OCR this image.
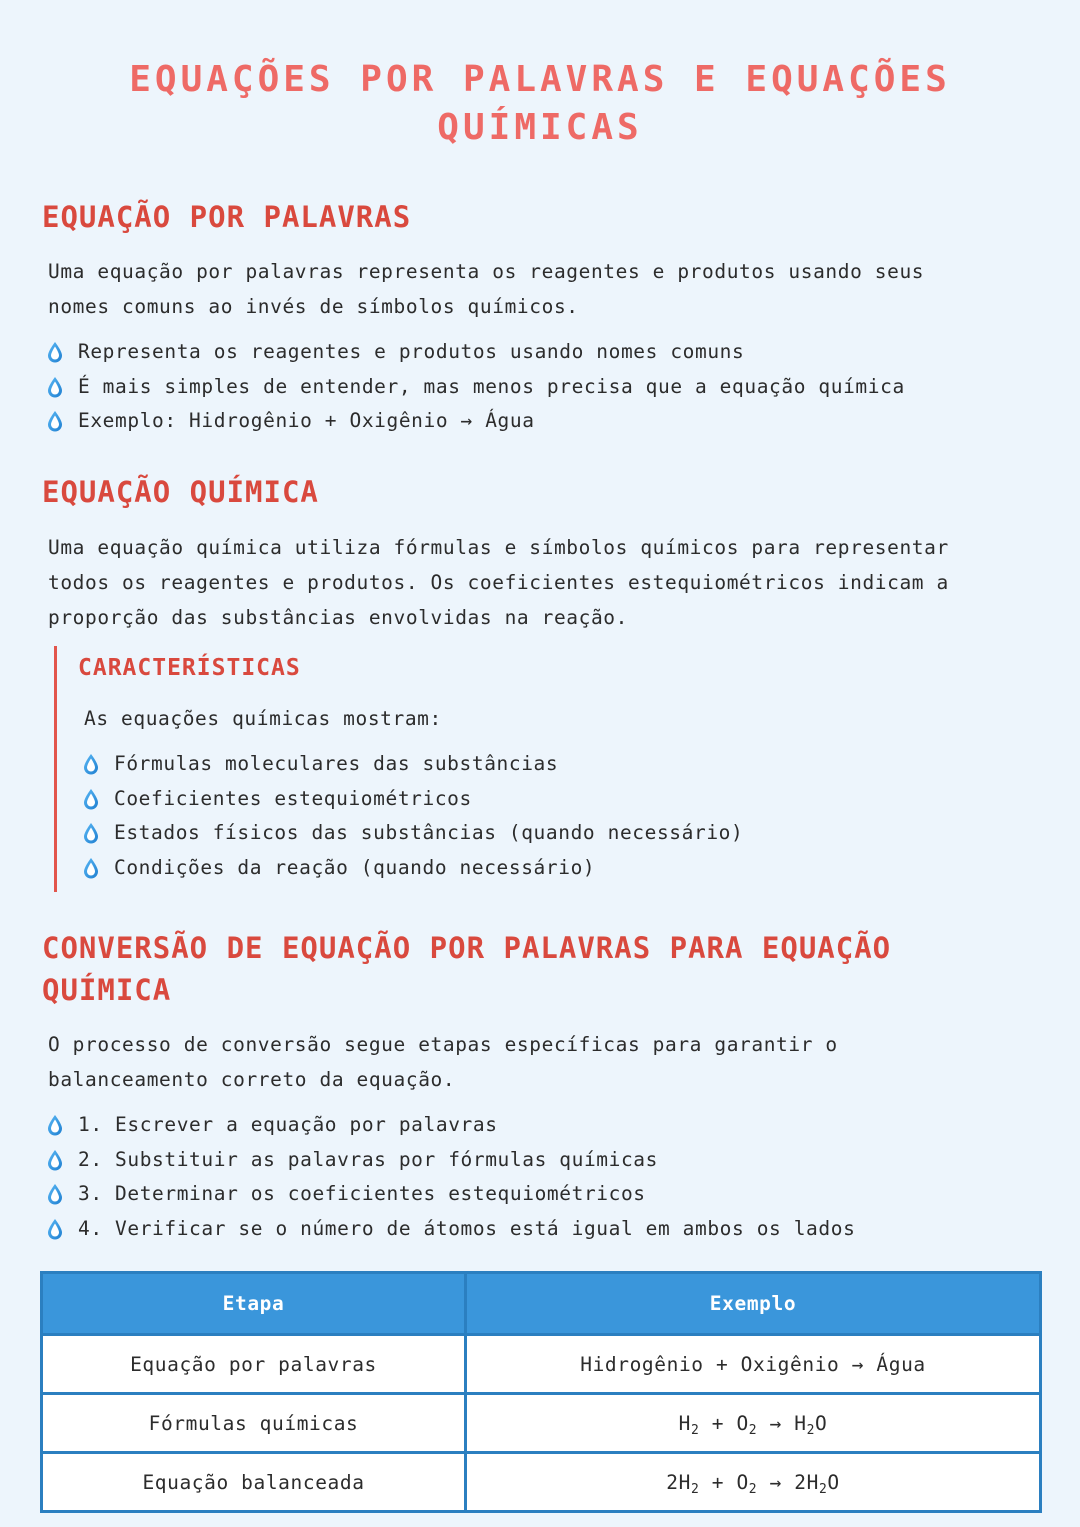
EQUAÇÕES POR PALAVRAS E EQUAÇÕES
QUÍMICAS
EQUAÇÃO POR PALAVRAS
Uma equação por palavras representa os reagentes e produtos usando seus
nomes comuns ao invés de símbolos químicos.
Representa os reagentes e produtos usando nomes comuns
É mais simples de entender, mas menos precisa que a equação química
Exemplo: Hidrogênio + Oxigênio → Água
EQUAÇÃO QUÍMICA
Uma equação química utiliza fórmulas e símbolos químicos para representar
todos os reagentes e produtos. Os coeficientes estequiométricos indicam a
proporção das substâncias envolvidas na reação.
CARACTERÍSTICAS
As equações químicas mostram:
Fórmulas moleculares das substâncias
Coeficientes estequiométricos
Estados físicos das substâncias (quando necessário)
Condições da reação (quando necessário)
CONVERSÃO DE EQUAÇÃO POR PALAVRAS PARA EQUAÇÃO
QUÍMICA
O processo de conversão segue etapas específicas para garantir o
balanceamento correto da equação.
1. Escrever a equação por palavras
2. Substituir as palavras por fórmulas químicas
3. Determinar os coeficientes estequiométricos
4. Verificar se o número de átomos está igual em ambos os lados
Etapa	Exemplo
Equação por palavras	Hidrogênio + Oxigênio → Água
Fórmulas químicas	$H_2 + O_2 \to H_2O$
Equação balanceada	$2H_2 + O_2 \to 2H_2O$
